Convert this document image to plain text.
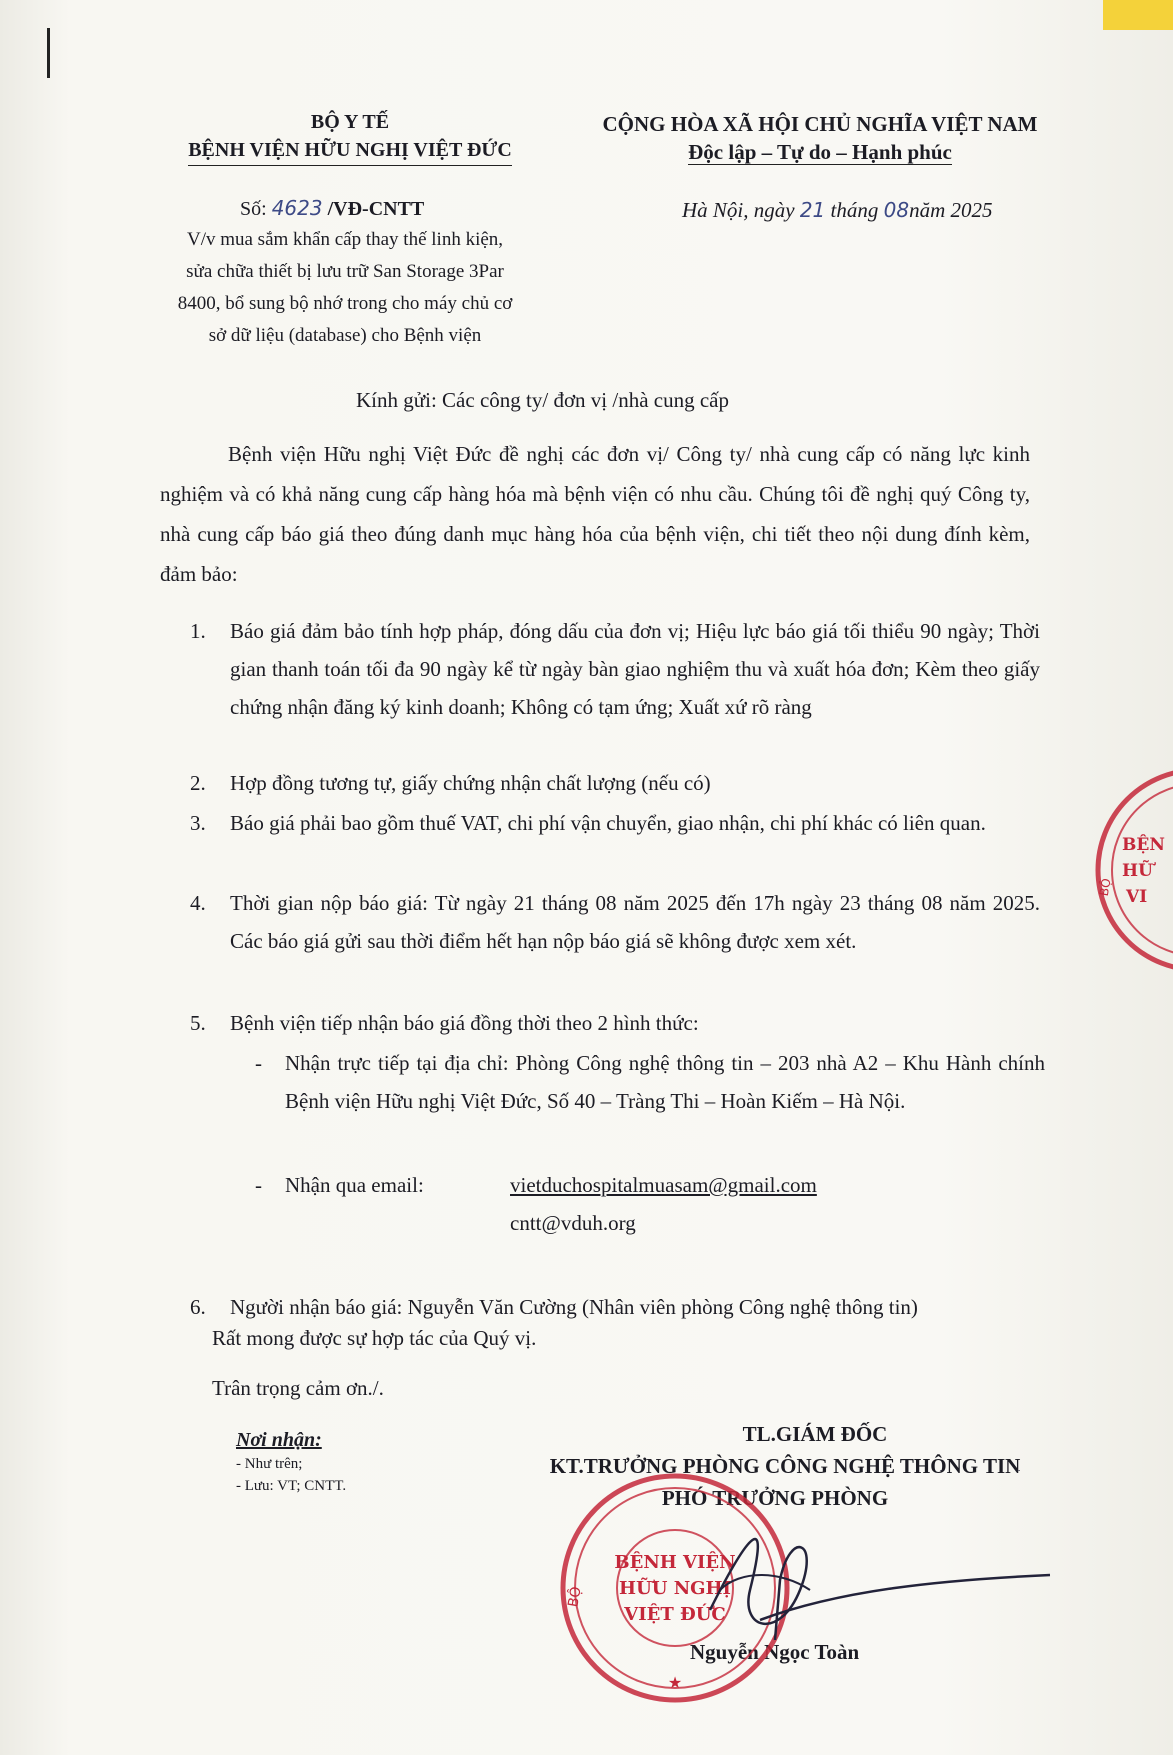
BỘ Y TẾ
BỆNH VIỆN HỮU NGHỊ VIỆT ĐỨC
CỘNG HÒA XÃ HỘI CHỦ NGHĨA VIỆT NAM
Độc lập – Tự do – Hạnh phúc
Số: 4623 /VĐ-CNTT	Hà Nội, ngày 21 tháng 08năm 2025
V/v mua sắm khẩn cấp thay thế linh kiện,
sửa chữa thiết bị lưu trữ San Storage 3Par
8400, bổ sung bộ nhớ trong cho máy chủ cơ
sở dữ liệu (database) cho Bệnh viện
Kính gửi: Các công ty/ đơn vị /nhà cung cấp
Bệnh viện Hữu nghị Việt Đức đề nghị các đơn vị/ Công ty/ nhà cung cấp có năng lực kinh nghiệm và có khả năng cung cấp hàng hóa mà bệnh viện có nhu cầu. Chúng tôi đề nghị quý Công ty, nhà cung cấp báo giá theo đúng danh mục hàng hóa của bệnh viện, chi tiết theo nội dung đính kèm, đảm bảo:
1. Báo giá đảm bảo tính hợp pháp, đóng dấu của đơn vị; Hiệu lực báo giá tối thiểu 90 ngày; Thời gian thanh toán tối đa 90 ngày kể từ ngày bàn giao nghiệm thu và xuất hóa đơn; Kèm theo giấy chứng nhận đăng ký kinh doanh; Không có tạm ứng; Xuất xứ rõ ràng
2. Hợp đồng tương tự, giấy chứng nhận chất lượng (nếu có)
3. Báo giá phải bao gồm thuế VAT, chi phí vận chuyển, giao nhận, chi phí khác có liên quan.
4. Thời gian nộp báo giá: Từ ngày 21 tháng 08 năm 2025 đến 17h ngày 23 tháng 08 năm 2025. Các báo giá gửi sau thời điểm hết hạn nộp báo giá sẽ không được xem xét.
5. Bệnh viện tiếp nhận báo giá đồng thời theo 2 hình thức:
- Nhận trực tiếp tại địa chỉ: Phòng Công nghệ thông tin – 203 nhà A2 – Khu Hành chính Bệnh viện Hữu nghị Việt Đức, Số 40 – Tràng Thi – Hoàn Kiếm – Hà Nội.
- Nhận qua email:	vietduchospitalmuasam@gmail.com
cntt@vduh.org
6. Người nhận báo giá: Nguyễn Văn Cường (Nhân viên phòng Công nghệ thông tin)
Rất mong được sự hợp tác của Quý vị.
Trân trọng cảm ơn./.
Nơi nhận:
- Như trên;
- Lưu: VT; CNTT.
TL.GIÁM ĐỐC
KT.TRƯỞNG PHÒNG CÔNG NGHỆ THÔNG TIN
PHÓ TRƯỞNG PHÒNG
Nguyễn Ngọc Toàn
BỘ
BỆNH VIỆN
HỮU NGHỊ
VIỆT ĐỨC
★
BỆN
HỮ
VI
BỘ
